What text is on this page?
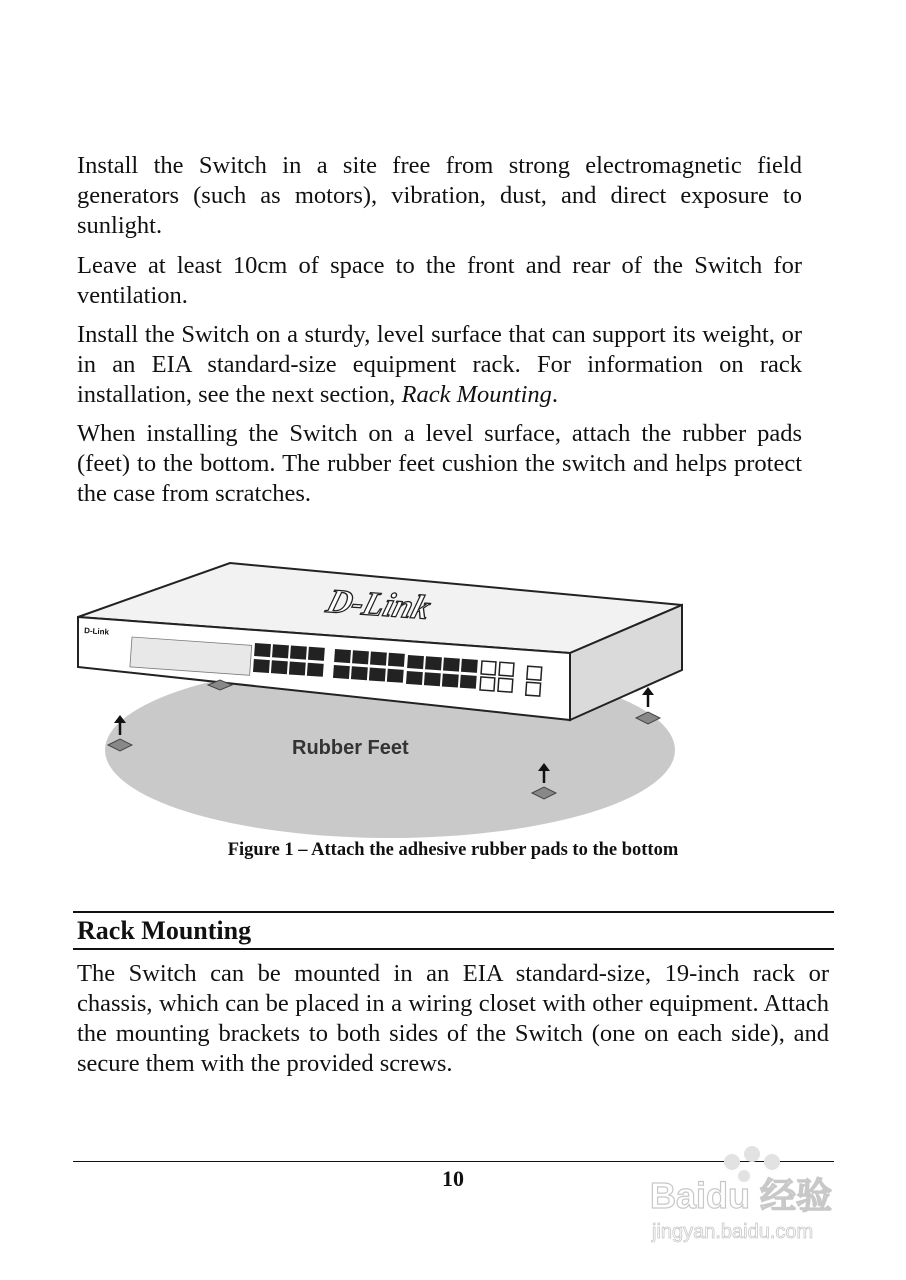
Install the Switch in a site free from strong electromagnetic field generators (such as motors), vibration, dust, and direct exposure to sunlight.

Leave at least 10cm of space to the front and rear of the Switch for ventilation.

Install the Switch on a sturdy, level surface that can support its weight, or in an EIA standard-size equipment rack. For information on rack installation, see the next section, Rack Mounting.

When installing the Switch on a level surface, attach the rubber pads (feet) to the bottom. The rubber feet cushion the switch and helps protect the case from scratches.

D-Link
D-Link
Rubber Feet
Figure 1 – Attach the adhesive rubber pads to the bottom
Rack Mounting

The Switch can be mounted in an EIA standard-size, 19-inch rack or chassis, which can be placed in a wiring closet with other equipment. Attach the mounting brackets to both sides of the Switch (one on each side), and secure them with the provided screws.

10	Baidu 经验
jingyan.baidu.com
